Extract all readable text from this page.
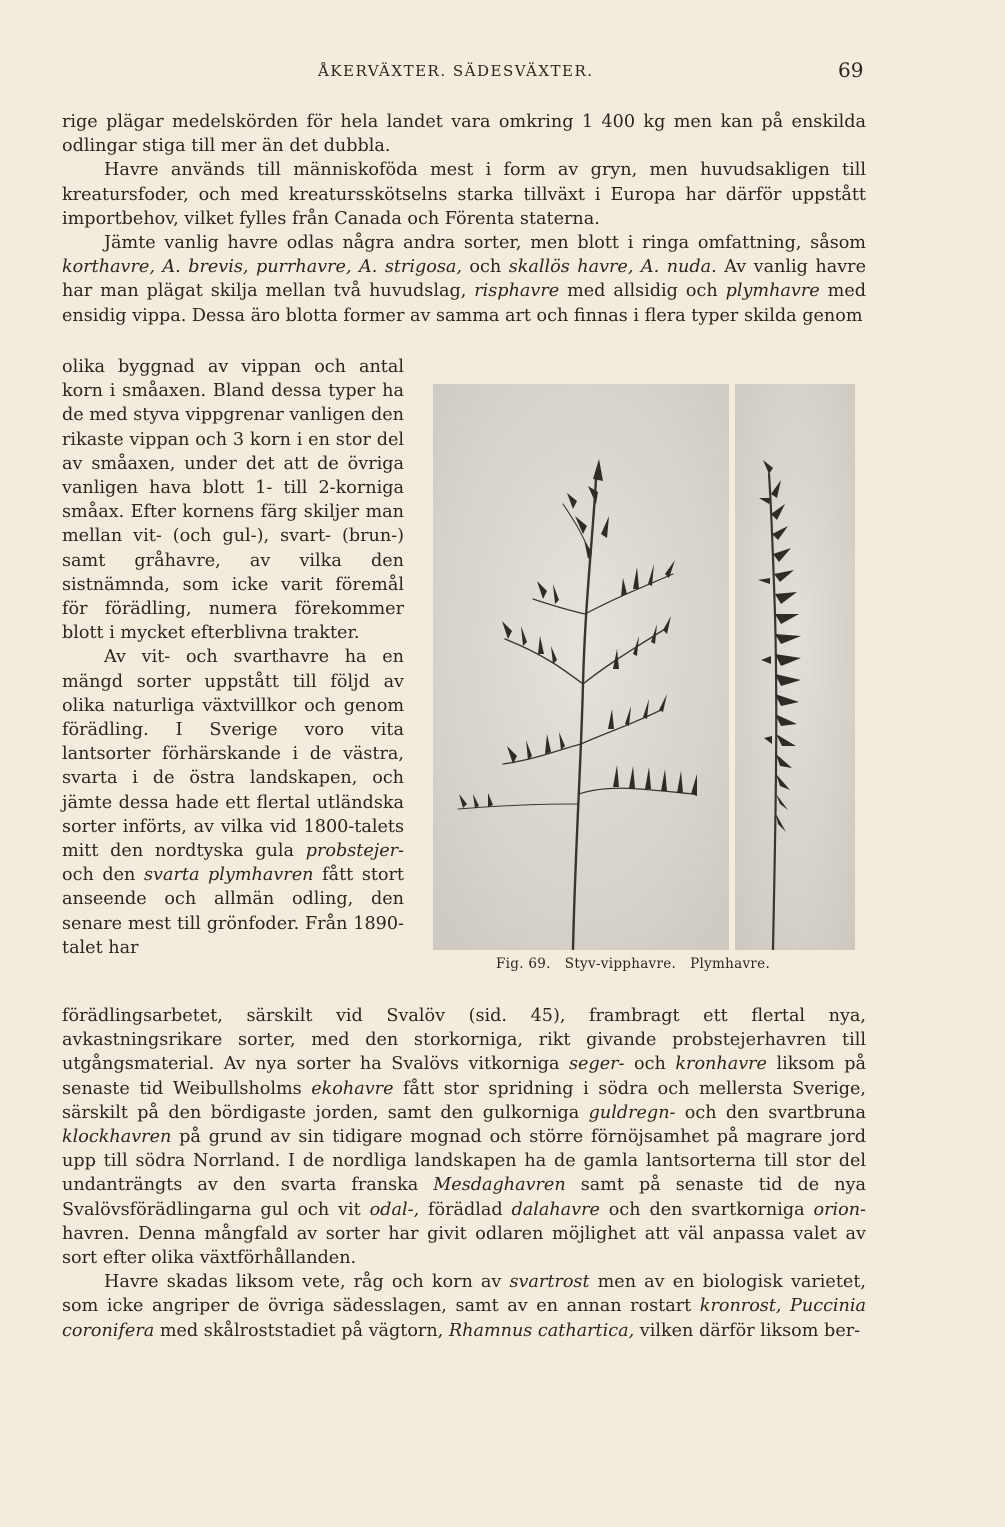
ÅKERVÄXTER. SÄDESVÄXTER.	69

rige plägar medelskörden för hela landet vara omkring 1 400 kg men kan på enskilda odlingar stiga till mer än det dubbla.

Havre används till människoföda mest i form av gryn, men huvudsakligen till kreatursfoder, och med kreatursskötselns starka tillväxt i Europa har därför uppstått importbehov, vilket fylles från Canada och Förenta staterna.

Jämte vanlig havre odlas några andra sorter, men blott i ringa omfattning, såsom korthavre, A. brevis, purrhavre, A. strigosa, och skallös havre, A. nuda. Av vanlig havre har man plägat skilja mellan två huvudslag, risphavre med allsidig och plymhavre med ensidig vippa. Dessa äro blotta former av samma art och finnas i flera typer skilda genom

olika byggnad av vippan och antal korn i småaxen. Bland dessa typer ha de med styva vippgrenar vanligen den rikaste vippan och 3 korn i en stor del av småaxen, under det att de övriga vanligen hava blott 1- till 2-korniga småax. Efter kornens färg skiljer man mellan vit- (och gul-), svart- (brun-) samt gråhavre, av vilka den sistnämnda, som icke varit föremål för förädling, numera förekommer blott i mycket efterblivna trakter.

Av vit- och svarthavre ha en mängd sorter uppstått till följd av olika naturliga växtvillkor och genom förädling. I Sverige voro vita lantsorter förhärskande i de västra, svarta i de östra landskapen, och jämte dessa hade ett flertal utländska sorter införts, av vilka vid 1800-talets mitt den nordtyska gula probstejer- och den svarta plymhavren fått stort anseende och allmän odling, den senare mest till grönfoder. Från 1890-talet har

Fig. 69. Styv-vipphavre. Plymhavre.

förädlingsarbetet, särskilt vid Svalöv (sid. 45), frambragt ett flertal nya, avkastningsrikare sorter, med den storkorniga, rikt givande probstejerhavren till utgångsmaterial. Av nya sorter ha Svalövs vitkorniga seger- och kronhavre liksom på senaste tid Weibullsholms ekohavre fått stor spridning i södra och mellersta Sverige, särskilt på den bördigaste jorden, samt den gulkorniga guldregn- och den svartbruna klockhavren på grund av sin tidigare mognad och större förnöjsamhet på magrare jord upp till södra Norrland. I de nordliga landskapen ha de gamla lantsorterna till stor del undanträngts av den svarta franska Mesdaghavren samt på senaste tid de nya Svalövsförädlingarna gul och vit odal-, förädlad dalahavre och den svartkorniga orion-havren. Denna mångfald av sorter har givit odlaren möjlighet att väl anpassa valet av sort efter olika växtförhållanden.

Havre skadas liksom vete, råg och korn av svartrost men av en biologisk varietet, som icke angriper de övriga sädesslagen, samt av en annan rostart kronrost, Puccinia coronifera med skålroststadiet på vägtorn, Rhamnus cathartica, vilken därför liksom ber-
